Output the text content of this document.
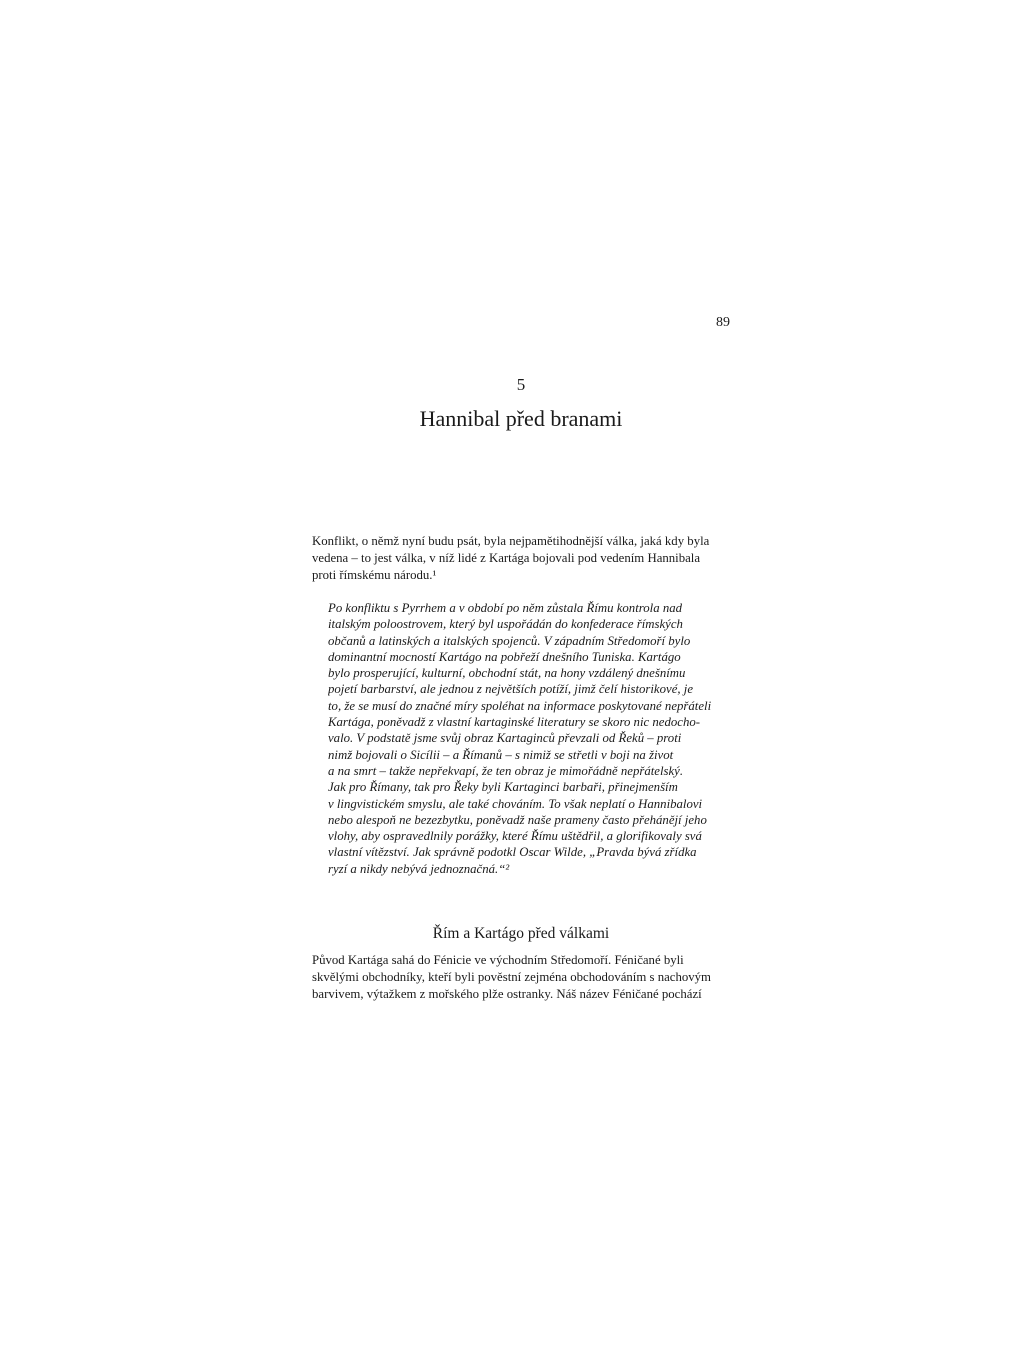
89
5
Hannibal před branami
Konflikt, o němž nyní budu psát, byla nejpamětihodnější válka, jaká kdy byla
vedena – to jest válka, v níž lidé z Kartága bojovali pod vedením Hannibala
proti římskému národu.¹
Po konfliktu s Pyrrhem a v období po něm zůstala Římu kontrola nad
italským poloostrovem, který byl uspořádán do konfederace římských
občanů a latinských a italských spojenců. V západním Středomoří bylo
dominantní mocností Kartágo na pobřeží dnešního Tuniska. Kartágo
bylo prosperující, kulturní, obchodní stát, na hony vzdálený dnešnímu
pojetí barbarství, ale jednou z největších potíží, jimž čelí historikové, je
to, že se musí do značné míry spoléhat na informace poskytované nepřáteli
Kartága, poněvadž z vlastní kartaginské literatury se skoro nic nedocho-
valo. V podstatě jsme svůj obraz Kartaginců převzali od Řeků – proti
nimž bojovali o Sicílii – a Římanů – s nimiž se střetli v boji na život
a na smrt – takže nepřekvapí, že ten obraz je mimořádně nepřátelský.
Jak pro Římany, tak pro Řeky byli Kartaginci barbaři, přinejmenším
v lingvistickém smyslu, ale také chováním. To však neplatí o Hannibalovi
nebo alespoň ne bezezbytku, poněvadž naše prameny často přehánějí jeho
vlohy, aby ospravedlnily porážky, které Římu uštědřil, a glorifikovaly svá
vlastní vítězství. Jak správně podotkl Oscar Wilde, „Pravda bývá zřídka
ryzí a nikdy nebývá jednoznačná.“²
Řím a Kartágo před válkami
Původ Kartága sahá do Fénicie ve východním Středomoří. Féničané byli
skvělými obchodníky, kteří byli pověstní zejména obchodováním s nachovým
barvivem, výtažkem z mořského plže ostranky. Náš název Féničané pochází
